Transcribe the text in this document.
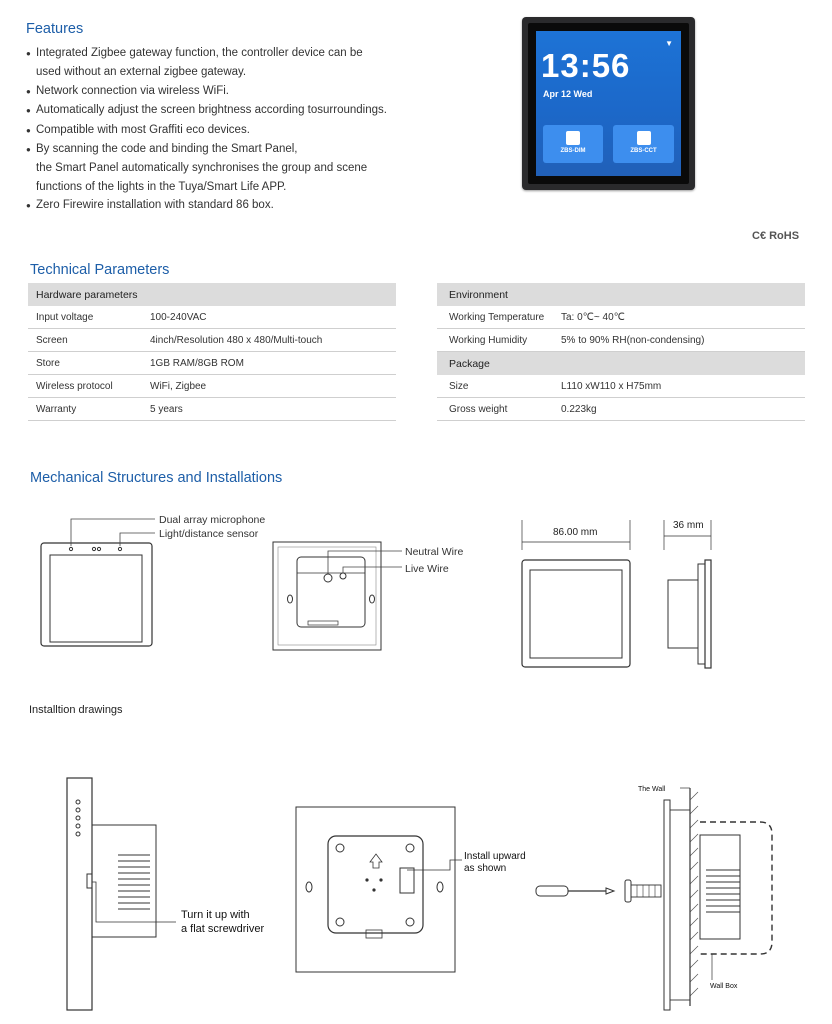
Features
● Integrated Zigbee gateway function, the controller device can be
used without an external zigbee gateway.
● Network connection via wireless WiFi.
● Automatically adjust the screen brightness according tosurroundings.
● Compatible with most Graffiti eco devices.
● By scanning the code and binding the Smart Panel,
the Smart Panel automatically synchronises the group and scene
functions of the lights in the Tuya/Smart Life APP.
● Zero Firewire installation with standard 86 box.
13:56
Apr 12 Wed
▼
ZBS-DIM	ZBS-CCT
C€ RoHS
Technical Parameters
Hardware parameters	
Input voltage	100-240VAC
Screen	4inch/Resolution 480 x 480/Multi-touch
Store	1GB RAM/8GB ROM
Wireless protocol	WiFi, Zigbee
Warranty	5 years
Environment	
Working Temperature	Ta: 0℃~ 40℃
Working Humidity	5% to 90% RH(non-condensing)
Package	
Size	L110 xW110 x H75mm
Gross weight	0.223kg
Mechanical Structures and Installations
Dual array microphone
Light/distance sensor
Neutral Wire
Live Wire
86.00 mm
36 mm
Installtion drawings
Turn it up with
a flat screwdriver
Install upward
as shown
The Wall
Wall Box
